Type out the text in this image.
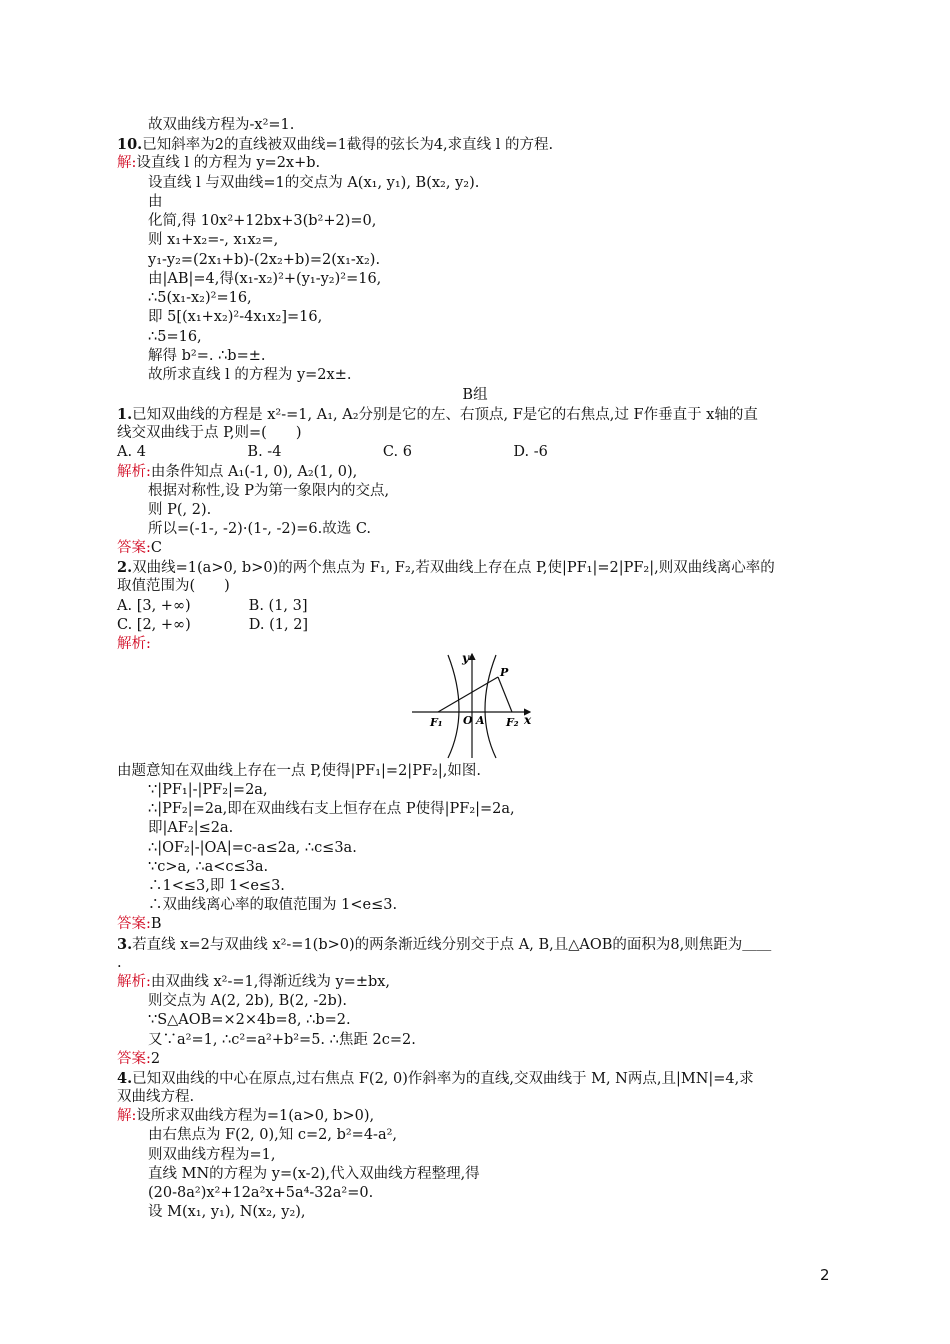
故双曲线方程为-x²=1.
10.已知斜率为2的直线被双曲线=1截得的弦长为4,求直线 l 的方程.
解:设直线 l 的方程为 y=2x+b.
设直线 l 与双曲线=1的交点为 A(x₁, y₁), B(x₂, y₂).
由
化简,得 10x²+12bx+3(b²+2)=0,
则 x₁+x₂=-, x₁x₂=,
y₁-y₂=(2x₁+b)-(2x₂+b)=2(x₁-x₂).
由|AB|=4,得(x₁-x₂)²+(y₁-y₂)²=16,
∴5(x₁-x₂)²=16,
即 5[(x₁+x₂)²-4x₁x₂]=16,
∴5=16,
解得 b²=. ∴b=±.
故所求直线 l 的方程为 y=2x±.
B组
1.已知双曲线的方程是 x²-=1, A₁, A₂分别是它的左、右顶点, F是它的右焦点,过 F作垂直于 x轴的直
线交双曲线于点 P,则=(　　)
A. 4　　　　　　　B. -4　　　　　　　C. 6　　　　　　　D. -6
解析:由条件知点 A₁(-1, 0), A₂(1, 0),
根据对称性,设 P为第一象限内的交点,
则 P(, 2).
所以=(-1-, -2)·(1-, -2)=6.故选 C.
答案:C
2.双曲线=1(a>0, b>0)的两个焦点为 F₁, F₂,若双曲线上存在点 P,使|PF₁|=2|PF₂|,则双曲线离心率的
取值范围为(　　)
A. [3, +∞)　　　　B. (1, 3]
C. [2, +∞)　　　　D. (1, 2]
解析:
y
x
P
F₁ O A F₂
由题意知在双曲线上存在一点 P,使得|PF₁|=2|PF₂|,如图.
∵|PF₁|-|PF₂|=2a,
∴|PF₂|=2a,即在双曲线右支上恒存在点 P使得|PF₂|=2a,
即|AF₂|≤2a.
∴|OF₂|-|OA|=c-a≤2a, ∴c≤3a.
∵c>a, ∴a<c≤3a.
∴1<≤3,即 1<e≤3.
∴双曲线离心率的取值范围为 1<e≤3.
答案:B
3.若直线 x=2与双曲线 x²-=1(b>0)的两条渐近线分别交于点 A, B,且△AOB的面积为8,则焦距为＿＿
.
解析:由双曲线 x²-=1,得渐近线为 y=±bx,
则交点为 A(2, 2b), B(2, -2b).
∵S△AOB=×2×4b=8, ∴b=2.
又∵a²=1, ∴c²=a²+b²=5. ∴焦距 2c=2.
答案:2
4.已知双曲线的中心在原点,过右焦点 F(2, 0)作斜率为的直线,交双曲线于 M, N两点,且|MN|=4,求
双曲线方程.
解:设所求双曲线方程为=1(a>0, b>0),
由右焦点为 F(2, 0),知 c=2, b²=4-a²,
则双曲线方程为=1,
直线 MN的方程为 y=(x-2),代入双曲线方程整理,得
(20-8a²)x²+12a²x+5a⁴-32a²=0.
设 M(x₁, y₁), N(x₂, y₂),
2
